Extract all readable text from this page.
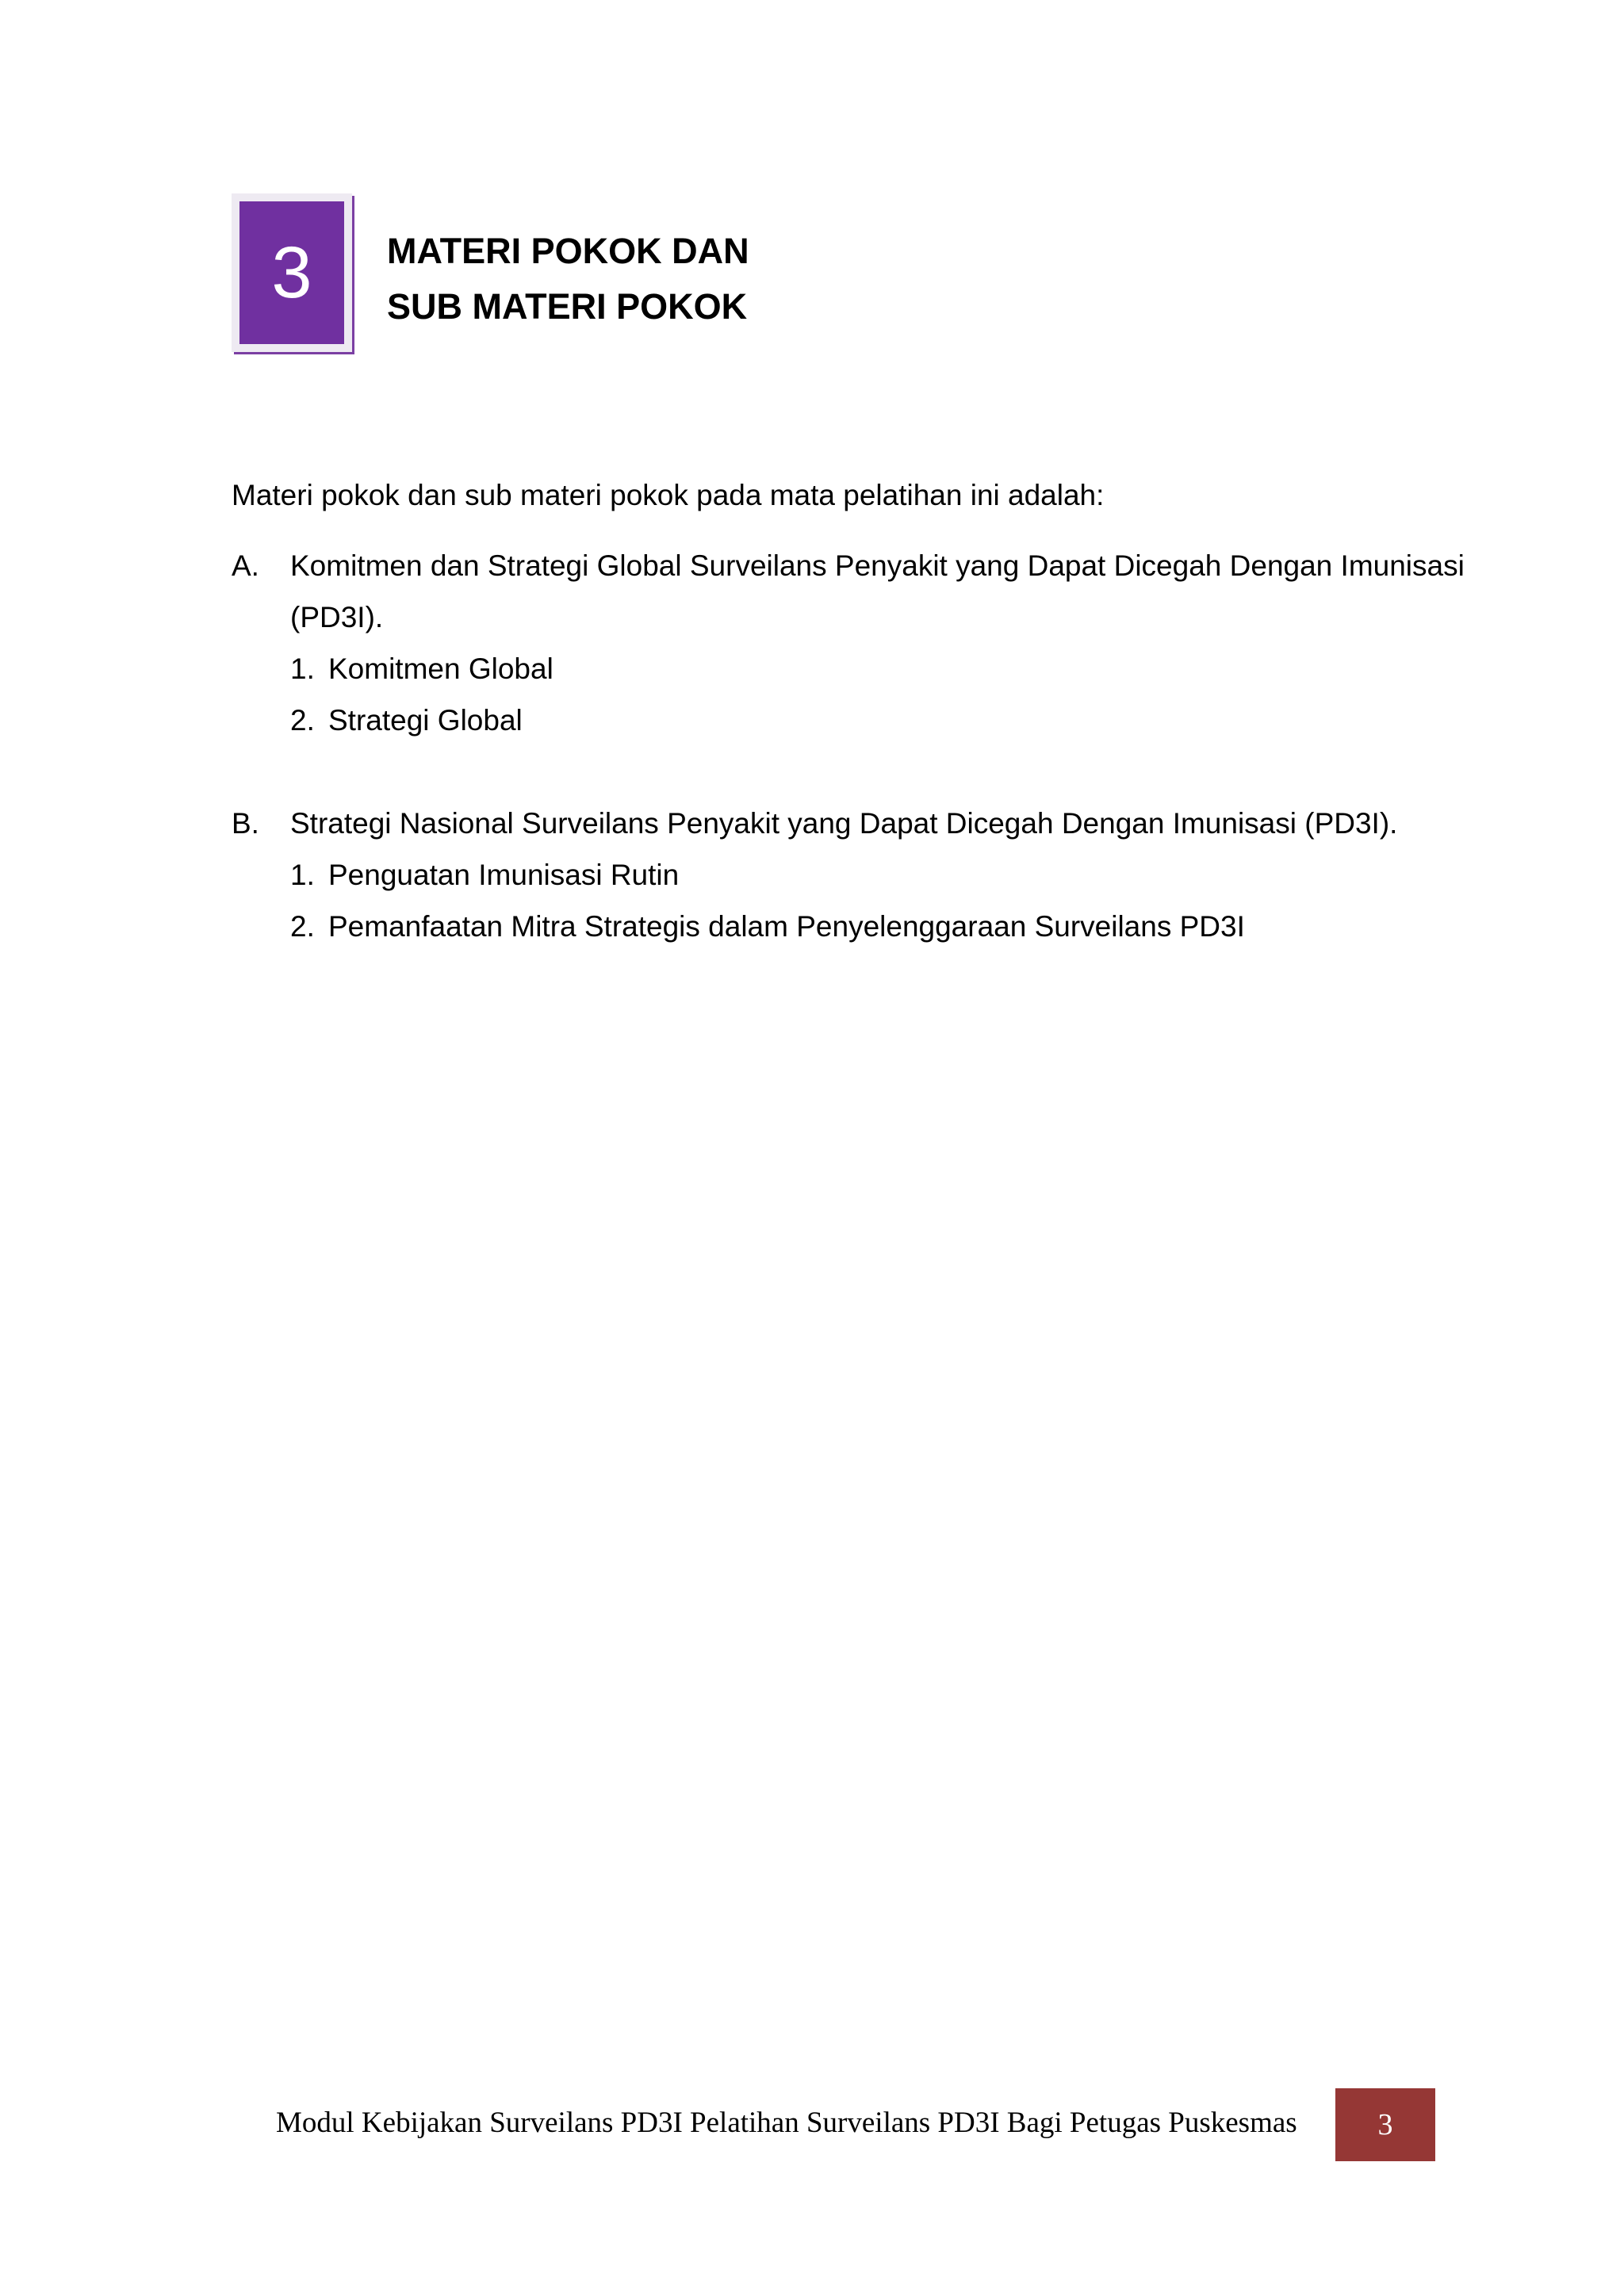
3 MATERI POKOK DAN
SUB MATERI POKOK

Materi pokok dan sub materi pokok pada mata pelatihan ini adalah:

A. Komitmen dan Strategi Global Surveilans Penyakit yang Dapat Dicegah Dengan Imunisasi (PD3I).
1. Komitmen Global
2. Strategi Global
B. Strategi Nasional Surveilans Penyakit yang Dapat Dicegah Dengan Imunisasi (PD3I).
1. Penguatan Imunisasi Rutin
2. Pemanfaatan Mitra Strategis dalam Penyelenggaraan Surveilans PD3I
Modul Kebijakan Surveilans PD3I Pelatihan Surveilans PD3I Bagi Petugas Puskesmas	3
